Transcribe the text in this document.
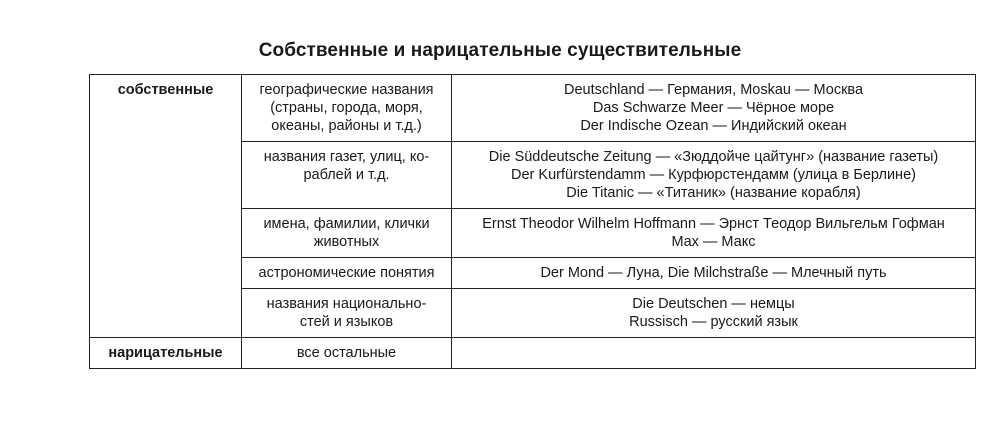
Собственные и нарицательные существительные
собственные	географические названия
(страны, города, моря,
океаны, районы и т.д.)	Deutschland — Германия, Moskau — Москва
Das Schwarze Meer — Чёрное море
Der Indische Ozean — Индийский океан

	названия газет, улиц, ко-
раблей и т.д.	Die Süddeutsche Zeitung — «Зюддойче цайтунг» (название газеты)
Der Kurfürstendamm — Курфюрстендамм (улица в Берлине)
Die Titanic — «Титаник» (название корабля)

	имена, фамилии, клички
животных	Ernst Theodor Wilhelm Hoffmann — Эрнст Теодор Вильгельм Гофман
Max — Макс

	астрономические понятия	Der Mond — Луна, Die Milchstraße — Млечный путь

	названия национально-
стей и языков	Die Deutschen — немцы
Russisch — русский язык

нарицательные	все остальные	
